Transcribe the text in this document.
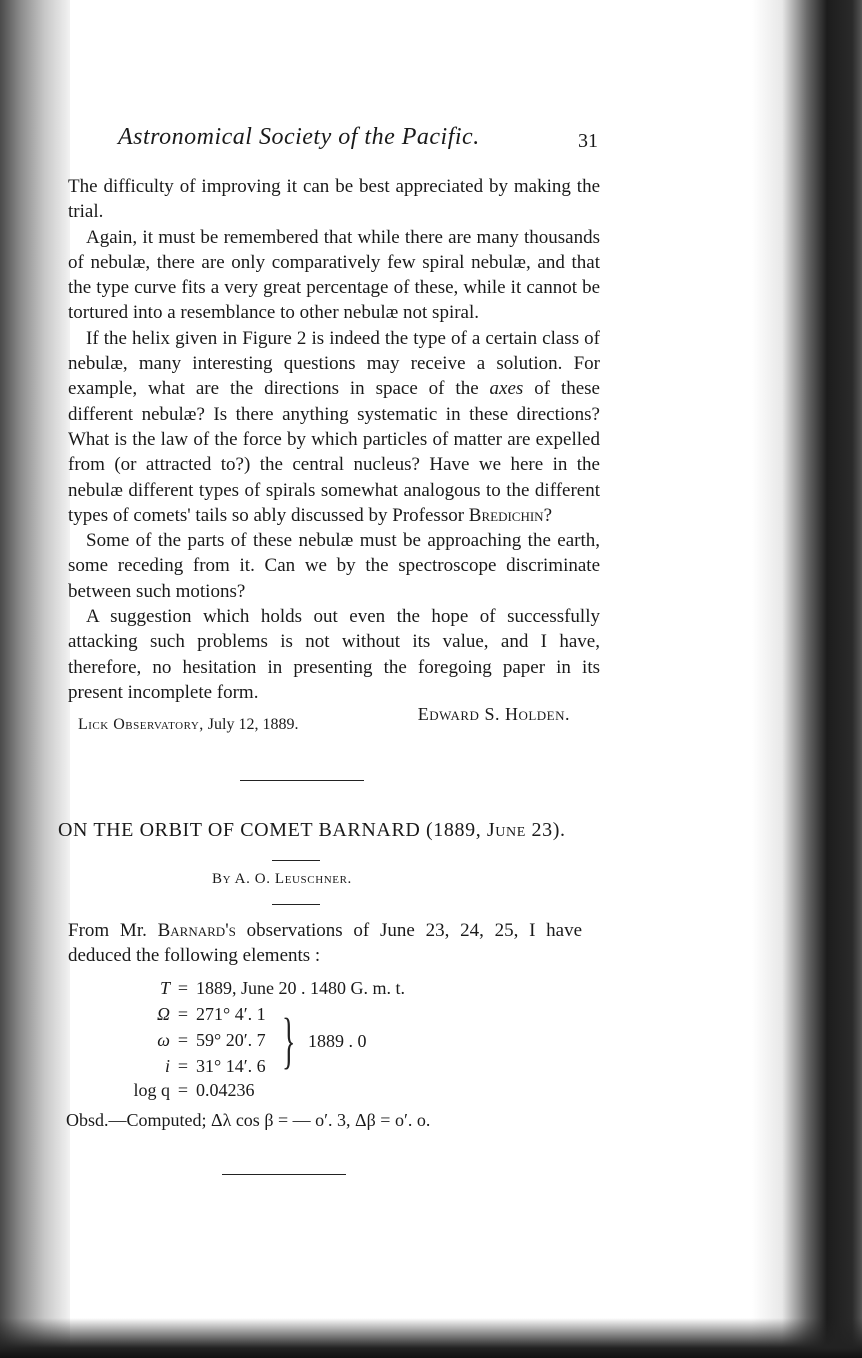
Astronomical Society of the Pacific.	31

The difficulty of improving it can be best appreciated by making the trial.

Again, it must be remembered that while there are many thousands of nebulæ, there are only comparatively few spiral nebulæ, and that the type curve fits a very great percentage of these, while it cannot be tortured into a resemblance to other nebulæ not spiral.

If the helix given in Figure 2 is indeed the type of a certain class of nebulæ, many interesting questions may receive a solution. For example, what are the directions in space of the axes of these different nebulæ? Is there anything systematic in these directions? What is the law of the force by which particles of matter are expelled from (or attracted to?) the central nucleus? Have we here in the nebulæ different types of spirals somewhat analogous to the different types of comets' tails so ably discussed by Professor Bredichin?

Some of the parts of these nebulæ must be approaching the earth, some receding from it. Can we by the spectroscope discriminate between such motions?

A suggestion which holds out even the hope of successfully attacking such problems is not without its value, and I have, therefore, no hesitation in presenting the foregoing paper in its present incomplete form.

Edward S. Holden.
Lick Observatory, July 12, 1889.
ON THE ORBIT OF COMET BARNARD (1889, June 23).
By A. O. Leuschner.

From Mr. Barnard's observations of June 23, 24, 25, I have deduced the following elements :

T = 1889, June 20 . 1480 G. m. t.
Ω = 271° 4′. 1
ω = 59° 20′. 7
i = 31° 14′. 6
log q = 0.04236
} 1889 . 0
Obsd.—Computed; Δλ cos β = — o′. 3, Δβ = o′. o.
